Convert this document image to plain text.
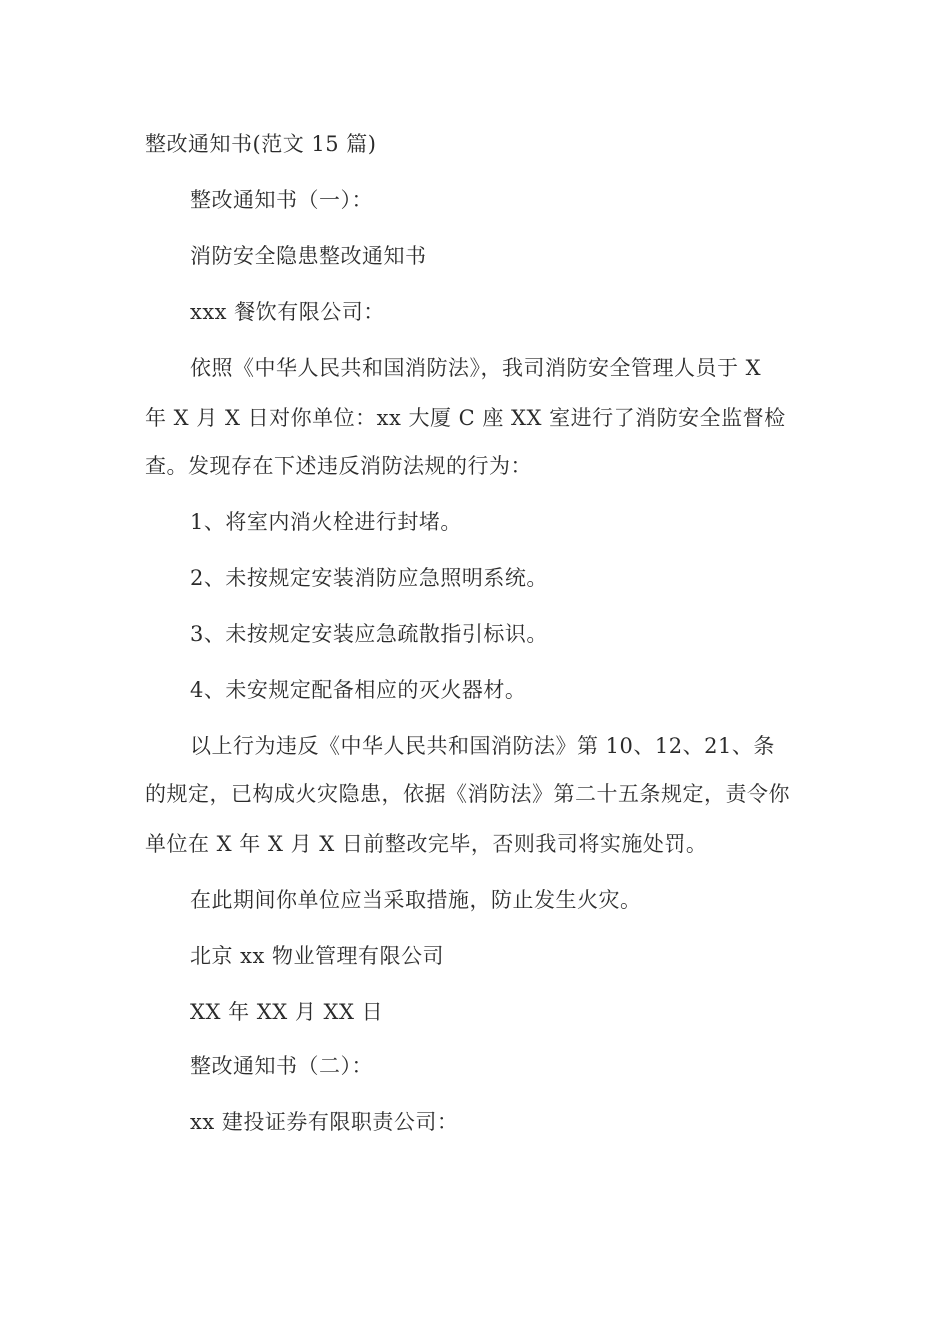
整改通知书(范文 15 篇)
整改通知书（一）：
消防安全隐患整改通知书
xxx 餐饮有限公司：
依照《中华人民共和国消防法》，我司消防安全管理人员于 X
年 X 月 X 日对你单位：xx 大厦 C 座 XX 室进行了消防安全监督检
查。发现存在下述违反消防法规的行为：
1、将室内消火栓进行封堵。
2、未按规定安装消防应急照明系统。
3、未按规定安装应急疏散指引标识。
4、未安规定配备相应的灭火器材。
以上行为违反《中华人民共和国消防法》第 10、12、21、条
的规定，已构成火灾隐患，依据《消防法》第二十五条规定，责令你
单位在 X 年 X 月 X 日前整改完毕，否则我司将实施处罚。
在此期间你单位应当采取措施，防止发生火灾。
北京 xx 物业管理有限公司
XX 年 XX 月 XX 日
整改通知书（二）：
xx 建投证券有限职责公司：
